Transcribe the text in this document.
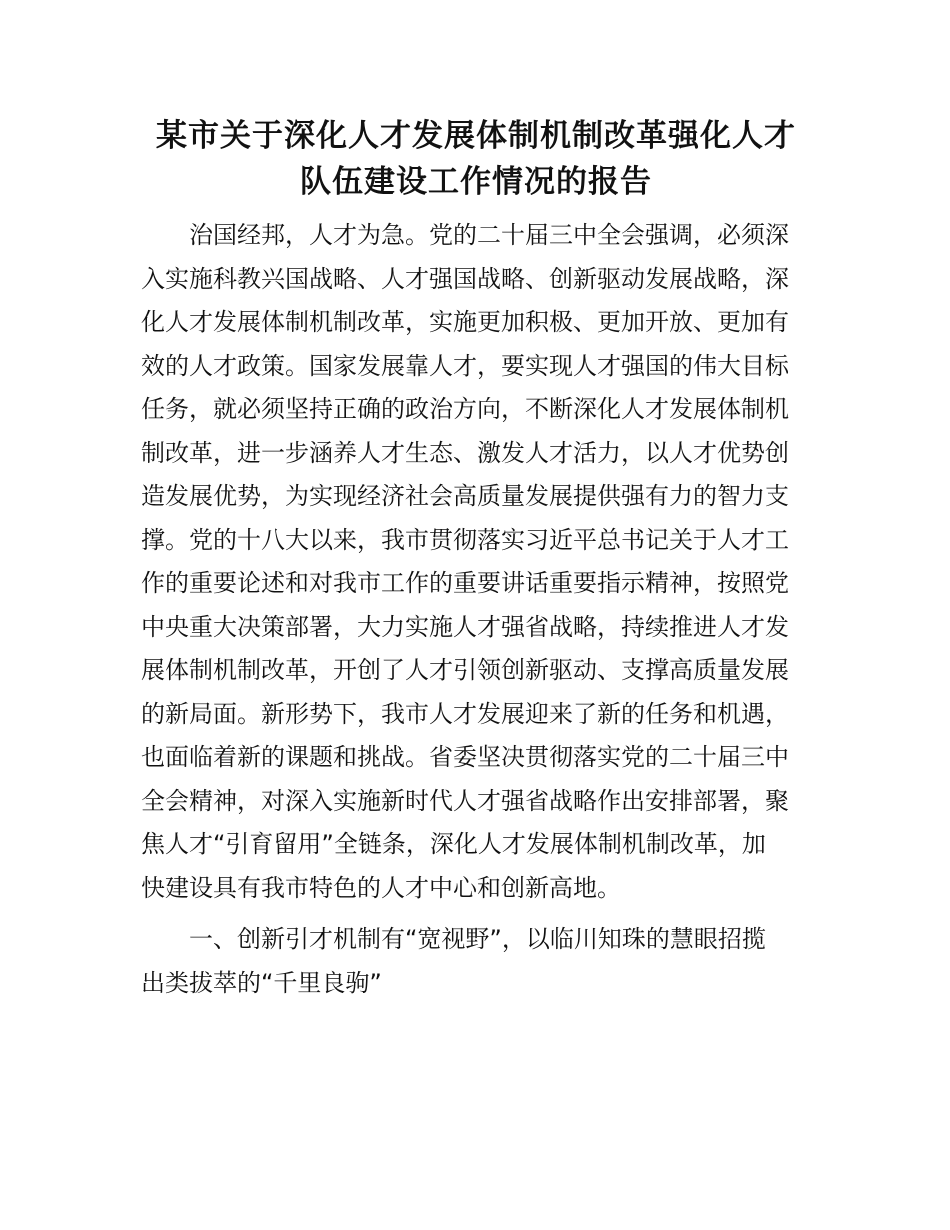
某市关于深化人才发展体制机制改革强化人才
队伍建设工作情况的报告

　　治国经邦，人才为急。党的二十届三中全会强调，必须深
入实施科教兴国战略、人才强国战略、创新驱动发展战略，深
化人才发展体制机制改革，实施更加积极、更加开放、更加有
效的人才政策。国家发展靠人才，要实现人才强国的伟大目标
任务，就必须坚持正确的政治方向，不断深化人才发展体制机
制改革，进一步涵养人才生态、激发人才活力，以人才优势创
造发展优势，为实现经济社会高质量发展提供强有力的智力支
撑。党的十八大以来，我市贯彻落实习近平总书记关于人才工
作的重要论述和对我市工作的重要讲话重要指示精神，按照党
中央重大决策部署，大力实施人才强省战略，持续推进人才发
展体制机制改革，开创了人才引领创新驱动、支撑高质量发展
的新局面。新形势下，我市人才发展迎来了新的任务和机遇，
也面临着新的课题和挑战。省委坚决贯彻落实党的二十届三中
全会精神，对深入实施新时代人才强省战略作出安排部署，聚
焦人才“引育留用”全链条，深化人才发展体制机制改革，加
快建设具有我市特色的人才中心和创新高地。

　　一、创新引才机制有“宽视野”，以临川知珠的慧眼招揽
出类拔萃的“千里良驹”
